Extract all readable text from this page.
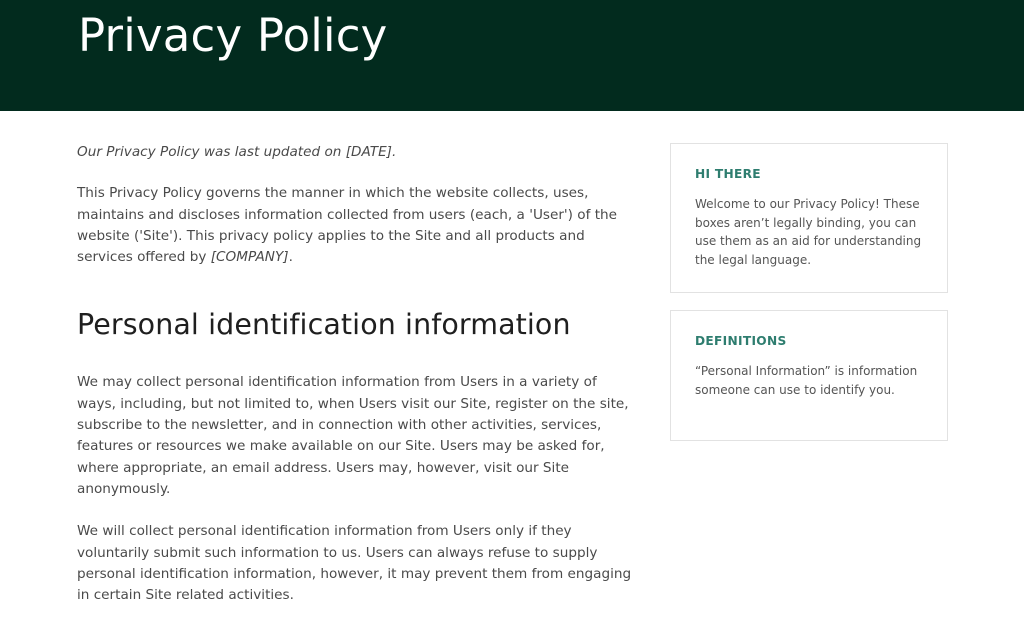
Privacy Policy

Our Privacy Policy was last updated on [DATE].

This Privacy Policy governs the manner in which the website collects, uses, maintains and discloses information collected from users (each, a 'User') of the website ('Site'). This privacy policy applies to the Site and all products and services offered by [COMPANY].

Personal identification information

We may collect personal identification information from Users in a variety of ways, including, but not limited to, when Users visit our Site, register on the site, subscribe to the newsletter, and in connection with other activities, services, features or resources we make available on our Site. Users may be asked for, where appropriate, an email address. Users may, however, visit our Site anonymously.

We will collect personal identification information from Users only if they voluntarily submit such information to us. Users can always refuse to supply personal identification information, however, it may prevent them from engaging in certain Site related activities.

HI THERE

Welcome to our Privacy Policy! These boxes aren’t legally binding, you can use them as an aid for understanding the legal language.

DEFINITIONS

“Personal Information” is information someone can use to identify you.
